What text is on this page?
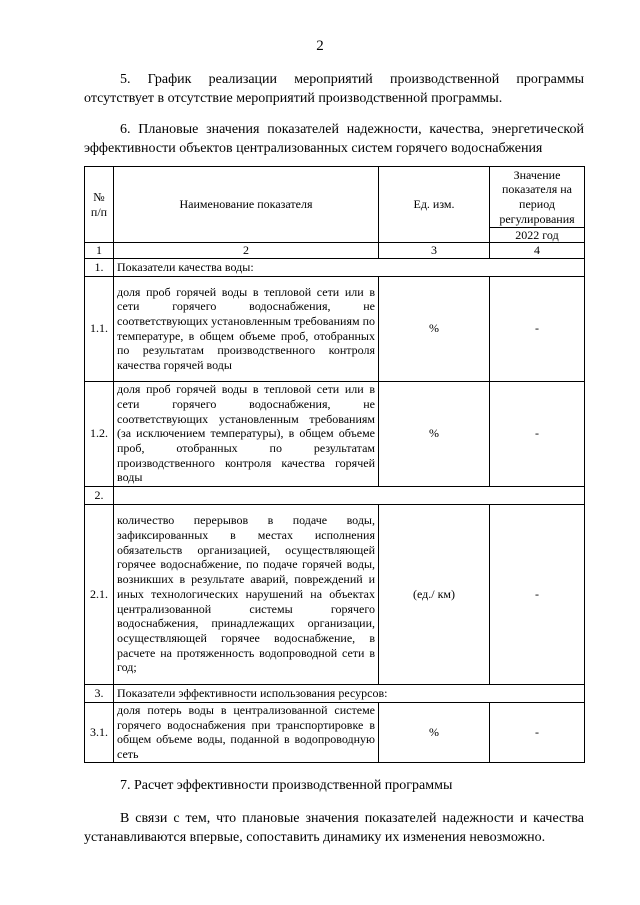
2
5. График реализации мероприятий производственной программы отсутствует в отсутствие мероприятий производственной программы.
6. Плановые значения показателей надежности, качества, энергетической эффективности объектов централизованных систем горячего водоснабжения
№ п/п	Наименование показателя	Ед. изм.	Значение показателя на период регулирования
2022 год

1	2	3	4
1.	Показатели качества воды:		
1.1.	доля проб горячей воды в тепловой сети или в сети горячего водоснабжения, не соответствующих установленным требованиям по температуре, в общем объеме проб, отобранных по результатам производственного контроля качества горячей воды	%	-
1.2.	доля проб горячей воды в тепловой сети или в сети горячего водоснабжения, не соответствующих установленным требованиям (за исключением температуры), в общем объеме проб, отобранных по результатам производственного контроля качества горячей воды	%	-
2.			
2.1.	количество перерывов в подаче воды, зафиксированных в местах исполнения обязательств организацией, осуществляющей горячее водоснабжение, по подаче горячей воды, возникших в результате аварий, повреждений и иных технологических нарушений на объектах централизованной системы горячего водоснабжения, принадлежащих организации, осуществляющей горячее водоснабжение, в расчете на протяженность водопроводной сети в год;	(ед./ км)	-
3.	Показатели эффективности использования ресурсов:		
3.1.	доля потерь воды в централизованной системе горячего водоснабжения при транспортировке в общем объеме воды, поданной в водопроводную сеть	%	-
7. Расчет эффективности производственной программы
В связи с тем, что плановые значения показателей надежности и качества устанавливаются впервые, сопоставить динамику их изменения невозможно.
